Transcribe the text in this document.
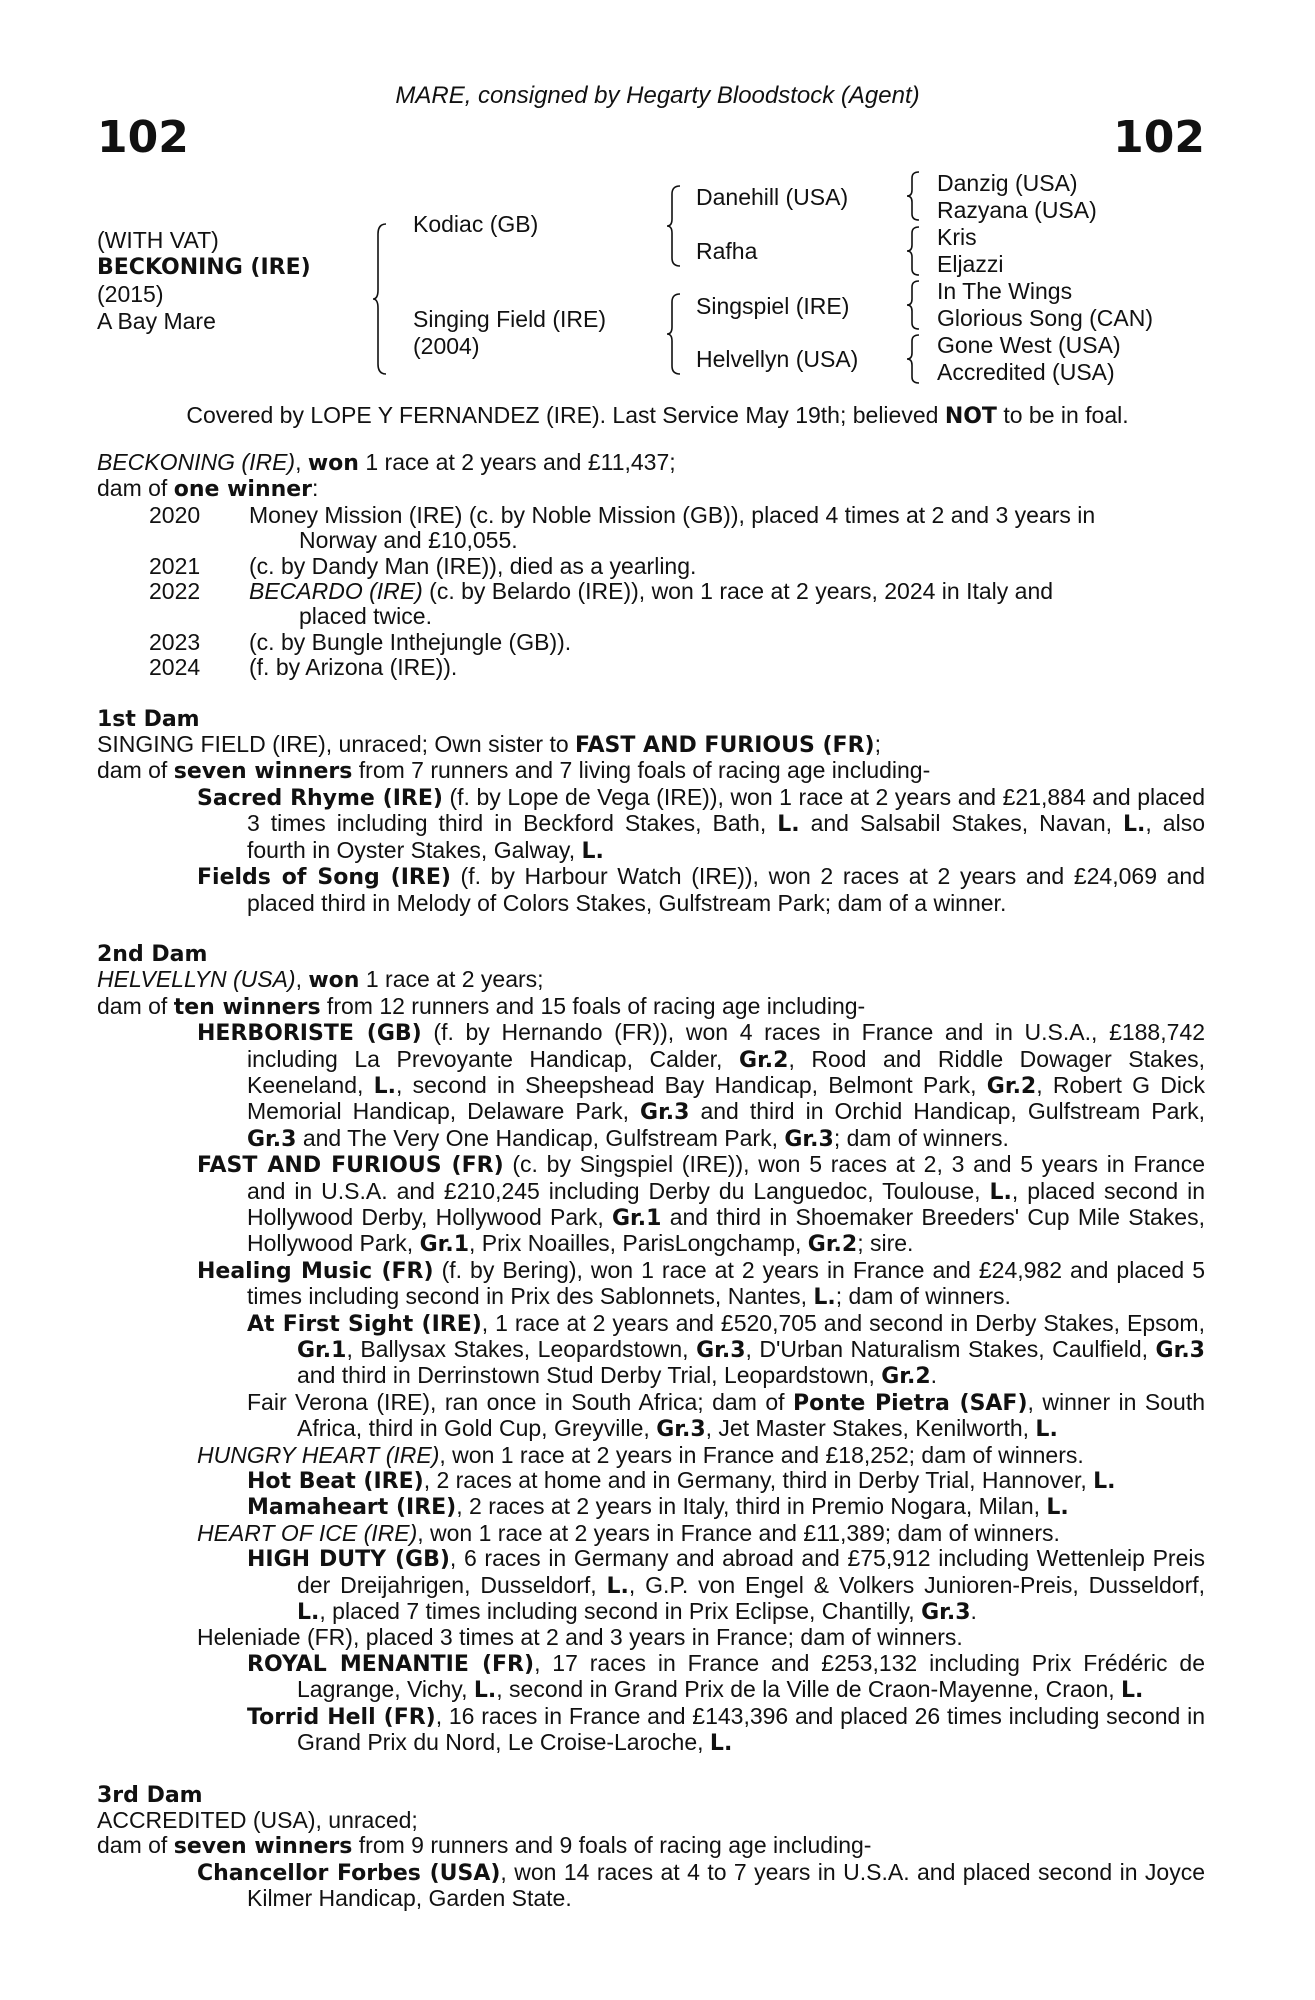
MARE, consigned by Hegarty Bloodstock (Agent)
102	102
(WITH VAT)
BECKONING (IRE)
(2015)
A Bay Mare
Kodiac (GB)
Singing Field (IRE)
(2004)
Danehill (USA)
Rafha
Singspiel (IRE)
Helvellyn (USA)
Danzig (USA)
Razyana (USA)
Kris
Eljazzi
In The Wings
Glorious Song (CAN)
Gone West (USA)
Accredited (USA)
Covered by LOPE Y FERNANDEZ (IRE). Last Service May 19th; believed NOT to be in foal.

BECKONING (IRE), won 1 race at 2 years and £11,437;

dam of one winner:

2020 Money Mission (IRE) (c. by Noble Mission (GB)), placed 4 times at 2 and 3 years in
Norway and £10,055.
2021 (c. by Dandy Man (IRE)), died as a yearling.
2022 BECARDO (IRE) (c. by Belardo (IRE)), won 1 race at 2 years, 2024 in Italy and
placed twice.
2023 (c. by Bungle Inthejungle (GB)).
2024 (f. by Arizona (IRE)).

1st Dam

SINGING FIELD (IRE), unraced; Own sister to FAST AND FURIOUS (FR);

dam of seven winners from 7 runners and 7 living foals of racing age including-

Sacred Rhyme (IRE) (f. by Lope de Vega (IRE)), won 1 race at 2 years and £21,884 and placed 3 times including third in Beckford Stakes, Bath, L. and Salsabil Stakes, Navan, L., also fourth in Oyster Stakes, Galway, L.

Fields of Song (IRE) (f. by Harbour Watch (IRE)), won 2 races at 2 years and £24,069 and placed third in Melody of Colors Stakes, Gulfstream Park; dam of a winner.

2nd Dam

HELVELLYN (USA), won 1 race at 2 years;

dam of ten winners from 12 runners and 15 foals of racing age including-

HERBORISTE (GB) (f. by Hernando (FR)), won 4 races in France and in U.S.A., £188,742 including La Prevoyante Handicap, Calder, Gr.2, Rood and Riddle Dowager Stakes, Keeneland, L., second in Sheepshead Bay Handicap, Belmont Park, Gr.2, Robert G Dick Memorial Handicap, Delaware Park, Gr.3 and third in Orchid Handicap, Gulfstream Park, Gr.3 and The Very One Handicap, Gulfstream Park, Gr.3; dam of winners.

FAST AND FURIOUS (FR) (c. by Singspiel (IRE)), won 5 races at 2, 3 and 5 years in France and in U.S.A. and £210,245 including Derby du Languedoc, Toulouse, L., placed second in Hollywood Derby, Hollywood Park, Gr.1 and third in Shoemaker Breeders' Cup Mile Stakes, Hollywood Park, Gr.1, Prix Noailles, ParisLongchamp, Gr.2; sire.

Healing Music (FR) (f. by Bering), won 1 race at 2 years in France and £24,982 and placed 5 times including second in Prix des Sablonnets, Nantes, L.; dam of winners.

At First Sight (IRE), 1 race at 2 years and £520,705 and second in Derby Stakes, Epsom, Gr.1, Ballysax Stakes, Leopardstown, Gr.3, D'Urban Naturalism Stakes, Caulfield, Gr.3 and third in Derrinstown Stud Derby Trial, Leopardstown, Gr.2.

Fair Verona (IRE), ran once in South Africa; dam of Ponte Pietra (SAF), winner in South Africa, third in Gold Cup, Greyville, Gr.3, Jet Master Stakes, Kenilworth, L.

HUNGRY HEART (IRE), won 1 race at 2 years in France and £18,252; dam of winners.

Hot Beat (IRE), 2 races at home and in Germany, third in Derby Trial, Hannover, L.

Mamaheart (IRE), 2 races at 2 years in Italy, third in Premio Nogara, Milan, L.

HEART OF ICE (IRE), won 1 race at 2 years in France and £11,389; dam of winners.

HIGH DUTY (GB), 6 races in Germany and abroad and £75,912 including Wettenleip Preis der Dreijahrigen, Dusseldorf, L., G.P. von Engel & Volkers Junioren-Preis, Dusseldorf, L., placed 7 times including second in Prix Eclipse, Chantilly, Gr.3.

Heleniade (FR), placed 3 times at 2 and 3 years in France; dam of winners.

ROYAL MENANTIE (FR), 17 races in France and £253,132 including Prix Frédéric de Lagrange, Vichy, L., second in Grand Prix de la Ville de Craon-Mayenne, Craon, L.

Torrid Hell (FR), 16 races in France and £143,396 and placed 26 times including second in Grand Prix du Nord, Le Croise-Laroche, L.

3rd Dam

ACCREDITED (USA), unraced;

dam of seven winners from 9 runners and 9 foals of racing age including-

Chancellor Forbes (USA), won 14 races at 4 to 7 years in U.S.A. and placed second in Joyce Kilmer Handicap, Garden State.
